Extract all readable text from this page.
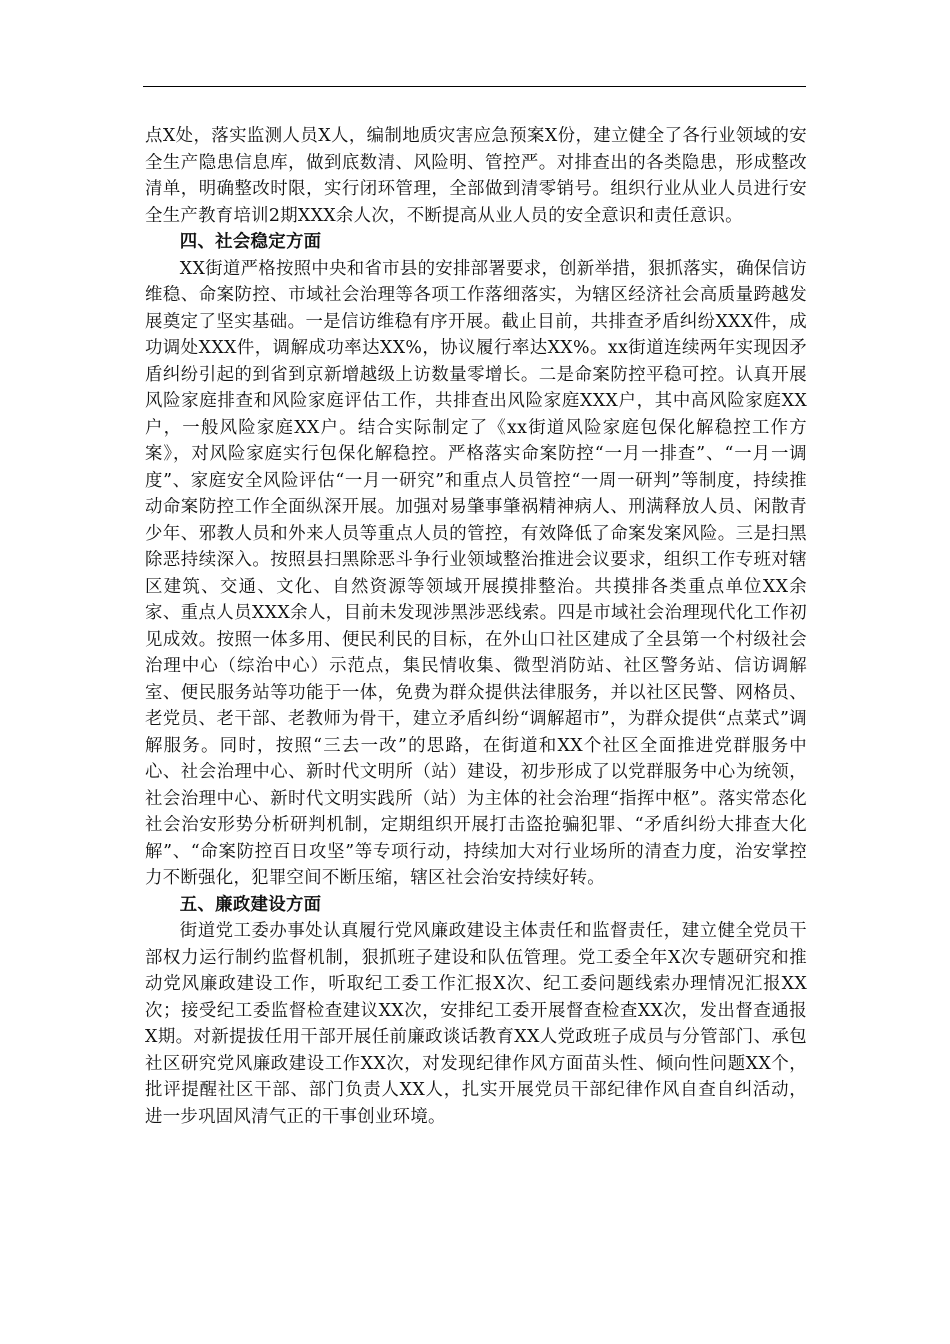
点X处，落实监测人员X人，编制地质灾害应急预案X份，建立健全了各行业领域的安全生产隐患信息库，做到底数清、风险明、管控严。对排查出的各类隐患，形成整改清单，明确整改时限，实行闭环管理，全部做到清零销号。组织行业从业人员进行安全生产教育培训2期XXX余人次，不断提高从业人员的安全意识和责任意识。

四、社会稳定方面

XX街道严格按照中央和省市县的安排部署要求，创新举措，狠抓落实，确保信访维稳、命案防控、市域社会治理等各项工作落细落实，为辖区经济社会高质量跨越发展奠定了坚实基础。一是信访维稳有序开展。截止目前，共排查矛盾纠纷XXX件，成功调处XXX件，调解成功率达XX%，协议履行率达XX%。xx街道连续两年实现因矛盾纠纷引起的到省到京新增越级上访数量零增长。二是命案防控平稳可控。认真开展风险家庭排查和风险家庭评估工作，共排查出风险家庭XXX户，其中高风险家庭XX户，一般风险家庭XX户。结合实际制定了《xx街道风险家庭包保化解稳控工作方案》，对风险家庭实行包保化解稳控。严格落实命案防控“一月一排查”、“一月一调度”、家庭安全风险评估“一月一研究”和重点人员管控“一周一研判”等制度，持续推动命案防控工作全面纵深开展。加强对易肇事肇祸精神病人、刑满释放人员、闲散青少年、邪教人员和外来人员等重点人员的管控，有效降低了命案发案风险。三是扫黑除恶持续深入。按照县扫黑除恶斗争行业领域整治推进会议要求，组织工作专班对辖区建筑、交通、文化、自然资源等领域开展摸排整治。共摸排各类重点单位XX余家、重点人员XXX余人，目前未发现涉黑涉恶线索。四是市域社会治理现代化工作初见成效。按照一体多用、便民利民的目标，在外山口社区建成了全县第一个村级社会治理中心（综治中心）示范点，集民情收集、微型消防站、社区警务站、信访调解室、便民服务站等功能于一体，免费为群众提供法律服务，并以社区民警、网格员、老党员、老干部、老教师为骨干，建立矛盾纠纷“调解超市”，为群众提供“点菜式”调解服务。同时，按照“三去一改”的思路，在街道和XX个社区全面推进党群服务中心、社会治理中心、新时代文明所（站）建设，初步形成了以党群服务中心为统领，社会治理中心、新时代文明实践所（站）为主体的社会治理“指挥中枢”。落实常态化社会治安形势分析研判机制，定期组织开展打击盗抢骗犯罪、“矛盾纠纷大排查大化解”、“命案防控百日攻坚”等专项行动，持续加大对行业场所的清查力度，治安掌控力不断强化，犯罪空间不断压缩，辖区社会治安持续好转。

五、廉政建设方面

街道党工委办事处认真履行党风廉政建设主体责任和监督责任，建立健全党员干部权力运行制约监督机制，狠抓班子建设和队伍管理。党工委全年X次专题研究和推动党风廉政建设工作，听取纪工委工作汇报X次、纪工委问题线索办理情况汇报XX次；接受纪工委监督检查建议XX次，安排纪工委开展督查检查XX次，发出督查通报X期。对新提拔任用干部开展任前廉政谈话教育XX人党政班子成员与分管部门、承包社区研究党风廉政建设工作XX次，对发现纪律作风方面苗头性、倾向性问题XX个，批评提醒社区干部、部门负责人XX人，扎实开展党员干部纪律作风自查自纠活动，进一步巩固风清气正的干事创业环境。
